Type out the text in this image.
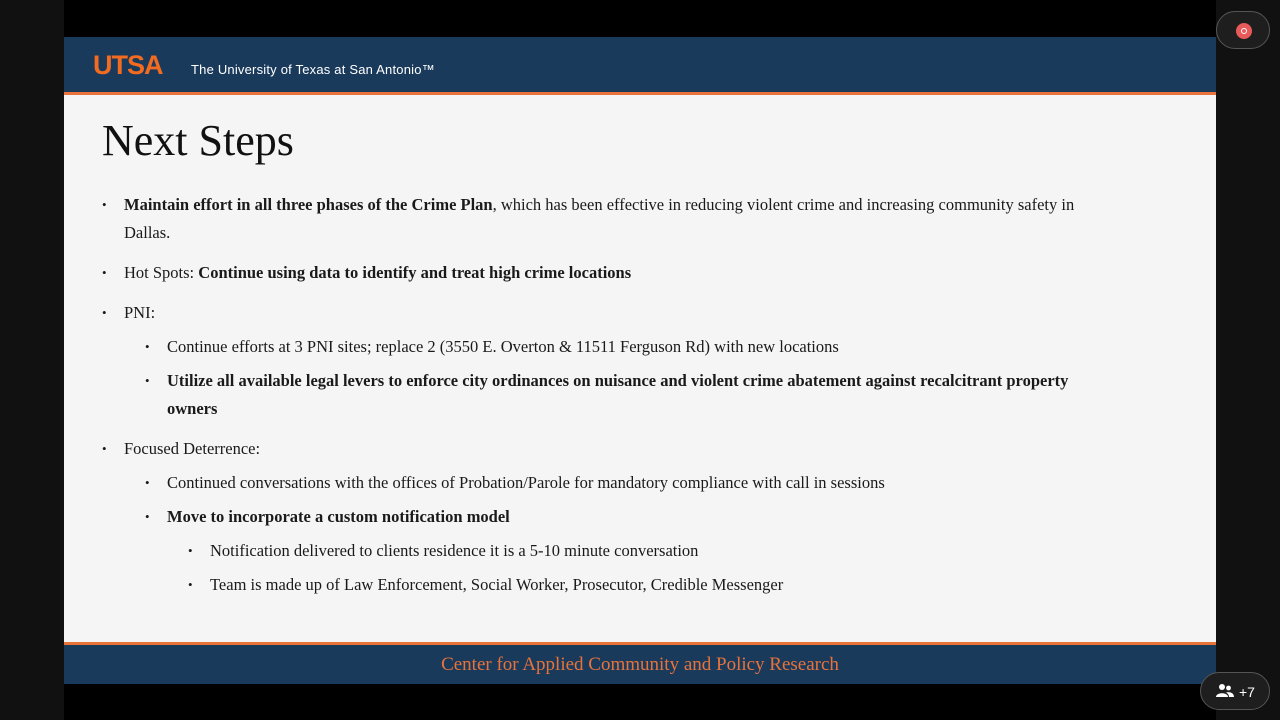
UTSA The University of Texas at San Antonio™
Next Steps
• Maintain effort in all three phases of the Crime Plan, which has been effective in reducing violent crime and increasing community safety in
Dallas.
• Hot Spots: Continue using data to identify and treat high crime locations
• PNI:
• Continue efforts at 3 PNI sites; replace 2 (3550 E. Overton & 11511 Ferguson Rd) with new locations
• Utilize all available legal levers to enforce city ordinances on nuisance and violent crime abatement against recalcitrant property
owners
• Focused Deterrence:
• Continued conversations with the offices of Probation/Parole for mandatory compliance with call in sessions
• Move to incorporate a custom notification model
• Notification delivered to clients residence it is a 5-10 minute conversation
• Team is made up of Law Enforcement, Social Worker, Prosecutor, Credible Messenger
Center for Applied Community and Policy Research
+7
